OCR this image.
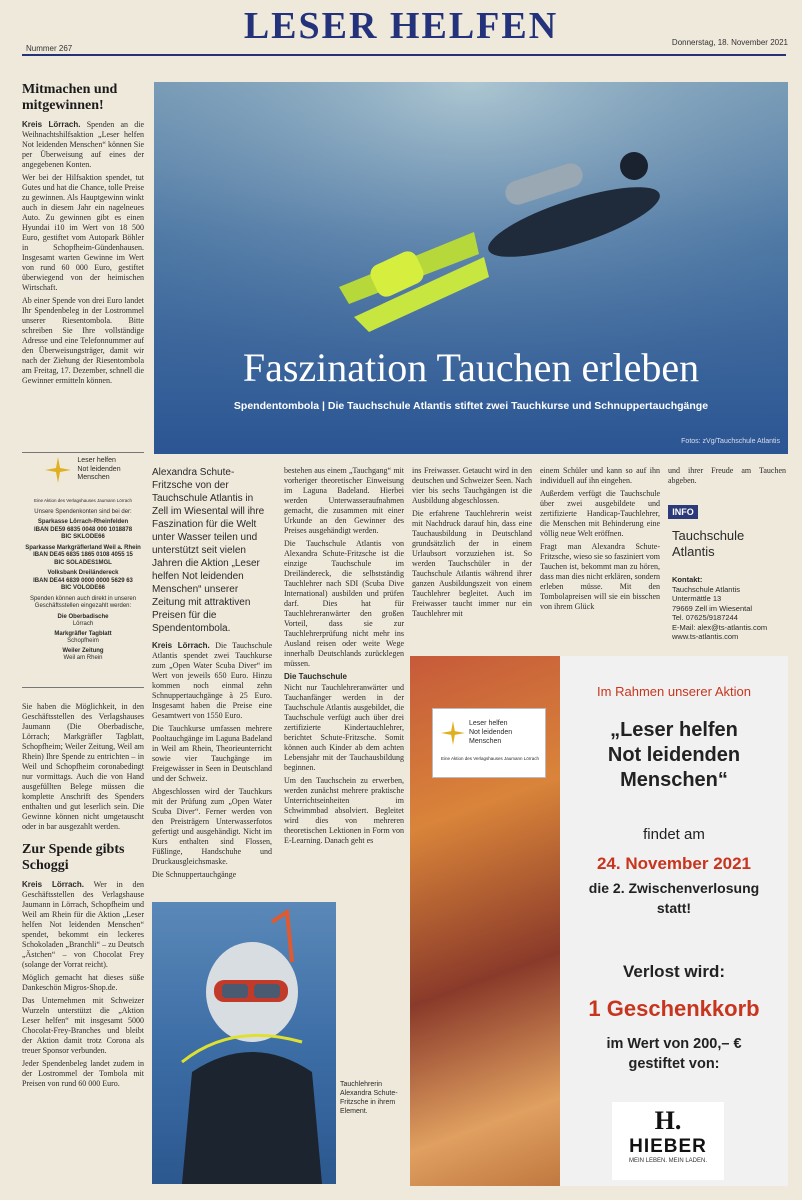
LESER HELFEN
Nummer 267
Donnerstag, 18. November 2021
Mitmachen und mitgewinnen!

Kreis Lörrach. Spenden an die Weihnachtshilfsaktion „Leser helfen Not leidenden Menschen“ können Sie per Überweisung auf eines der angegebenen Konten.

Wer bei der Hilfsaktion spendet, tut Gutes und hat die Chance, tolle Preise zu gewinnen. Als Hauptgewinn winkt auch in diesem Jahr ein nagelneues Auto. Zu gewinnen gibt es einen Hyundai i10 im Wert von 18 500 Euro, gestiftet vom Autopark Böhler in Schopfheim-Gündenhausen. Insgesamt warten Gewinne im Wert von rund 60 000 Euro, gestiftet überwiegend von der heimischen Wirtschaft.

Ab einer Spende von drei Euro landet Ihr Spendenbeleg in der Lostrommel unserer Riesentombola. Bitte schreiben Sie Ihre vollständige Adresse und eine Telefonnummer auf den Überweisungsträger, damit wir nach der Ziehung der Riesentombola am Freitag, 17. Dezember, schnell die Gewinner ermitteln können.

Leser helfen
Not leidenden
Menschen
Eine Aktion des Verlagshauses Jaumann Lörrach
Unsere Spendenkonten sind bei der:
Sparkasse Lörrach-Rheinfelden
IBAN DE59 6835 0048 000 1018878
BIC SKLODE66
Sparkasse Markgräflerland Weil a. Rhein
IBAN DE45 6835 1865 0108 4055 15
BIC SOLADES1MGL
Volksbank Dreiländereck
IBAN DE44 6839 0000 0000 5629 63
BIC VOLODE66
Spenden können auch direkt in unseren Geschäftsstellen eingezahlt werden:
Die Oberbadische
Lörrach
Markgräfler Tagblatt
Schopfheim
Weiler Zeitung
Weil am Rhein

Sie haben die Möglichkeit, in den Geschäftsstellen des Verlagshauses Jaumann (Die Oberbadische, Lörrach; Markgräfler Tagblatt, Schopfheim; Weiler Zeitung, Weil am Rhein) Ihre Spende zu entrichten – in Weil und Schopfheim coronabedingt nur vormittags. Auch die von Hand ausgefüllten Belege müssen die komplette Anschrift des Spenders enthalten und gut leserlich sein. Die Gewinne können nicht umgetauscht oder in bar ausgezahlt werden.

Zur Spende gibts Schoggi

Kreis Lörrach. Wer in den Geschäftsstellen des Verlagshause Jaumann in Lörrach, Schopfheim und Weil am Rhein für die Aktion „Leser helfen Not leidenden Menschen“ spendet, bekommt ein leckeres Schokoladen „Branchli“ – zu Deutsch „Ästchen“ – von Chocolat Frey (solange der Vorrat reicht).

Möglich gemacht hat dieses süße Dankeschön Migros-Shop.de.

Das Unternehmen mit Schweizer Wurzeln unterstützt die „Aktion Leser helfen“ mit insgesamt 5000 Chocolat-Frey-Branches und bleibt der Aktion damit trotz Corona als treuer Sponsor verbunden.

Jeder Spendenbeleg landet zudem in der Lostrommel der Tombola mit Preisen von rund 60 000 Euro.

Faszination Tauchen erleben
Spendentombola | Die Tauchschule Atlantis stiftet zwei Tauchkurse und Schnuppertauchgänge
Fotos: zVg/Tauchschule Atlantis

Alexandra Schute-Fritzsche von der Tauchschule Atlantis in Zell im Wiesental will ihre Faszination für die Welt unter Wasser teilen und unterstützt seit vielen Jahren die Aktion „Leser helfen Not leidenden Menschen“ unserer Zeitung mit attraktiven Preisen für die Spendentombola.

Kreis Lörrach. Die Tauchschule Atlantis spendet zwei Tauchkurse zum „Open Water Scuba Diver“ im Wert von jeweils 650 Euro. Hinzu kommen noch einmal zehn Schnuppertauchgänge à 25 Euro. Insgesamt haben die Preise eine Gesamtwert von 1550 Euro.

Die Tauchkurse umfassen mehrere Pooltauchgänge im Laguna Badeland in Weil am Rhein, Theorieunterricht sowie vier Tauchgänge im Freigewässer in Seen in Deutschland und der Schweiz.

Abgeschlossen wird der Tauchkurs mit der Prüfung zum „Open Water Scuba Diver“. Ferner werden von den Preisträgern Unterwasserfotos gefertigt und ausgehändigt. Nicht im Kurs enthalten sind Flossen, Füßlinge, Handschuhe und Druckausgleichsmaske.

Die Schnuppertauchgänge

bestehen aus einem „Tauchgang“ mit vorheriger theoretischer Einweisung im Laguna Badeland. Hierbei werden Unterwasseraufnahmen gemacht, die zusammen mit einer Urkunde an den Gewinner des Preises ausgehändigt werden.

Die Tauchschule Atlantis von Alexandra Schute-Fritzsche ist die einzige Tauchschule im Dreiländereck, die selbstständig Tauchlehrer nach SDI (Scuba Dive International) ausbilden und prüfen darf. Dies hat für Tauchlehreranwärter den großen Vorteil, dass sie zur Tauchlehrerprüfung nicht mehr ins Ausland reisen oder weite Wege innerhalb Deutschlands zurücklegen müssen.

Die Tauchschule

Nicht nur Tauchlehreranwärter und Tauchanfänger werden in der Tauchschule Atlantis ausgebildet, die Tauchschule verfügt auch über drei zertifizierte Kindertauchlehrer, berichtet Schute-Fritzsche. Somit können auch Kinder ab dem achten Lebensjahr mit der Tauchausbildung beginnen.

Um den Tauchschein zu erwerben, werden zunächst mehrere praktische Unterrichtseinheiten im Schwimmbad absolviert. Begleitet wird dies von mehreren theoretischen Lektionen in Form von E-Learning. Danach geht es

ins Freiwasser. Getaucht wird in den deutschen und Schweizer Seen. Nach vier bis sechs Tauchgängen ist die Ausbildung abgeschlossen.

Die erfahrene Tauchlehrerin weist mit Nachdruck darauf hin, dass eine Tauchausbildung in Deutschland grundsätzlich der in einem Urlaubsort vorzuziehen ist. So werden Tauchschüler in der Tauchschule Atlantis während ihrer ganzen Ausbildungszeit von einem Tauchlehrer begleitet. Auch im Freiwasser taucht immer nur ein Tauchlehrer mit

einem Schüler und kann so auf ihn individuell auf ihn eingehen.

Außerdem verfügt die Tauchschule über zwei ausgebildete und zertifizierte Handicap-Tauchlehrer, die Menschen mit Behinderung eine völlig neue Welt eröffnen.

Fragt man Alexandra Schute-Fritzsche, wieso sie so fasziniert vom Tauchen ist, bekommt man zu hören, dass man dies nicht erklären, sondern erleben müsse. Mit den Tombolapreisen will sie ein bisschen von ihrem Glück

und ihrer Freude am Tauchen abgeben.

INFO
Tauchschule
Atlantis
Kontakt:
Tauchschule Atlantis
Untermättle 13
79669 Zell im Wiesental
Tel. 07625/9187244
E-Mail: alex@ts-atlantis.com
www.ts-atlantis.com
Tauchlehrerin Alexandra Schute-Fritzsche in ihrem Element.
Leser helfen
Not leidenden
Menschen
Eine Aktion des Verlagshauses Jaumann Lörrach
Im Rahmen unserer Aktion
„Leser helfen
Not leidenden
Menschen“
findet am
24. November 2021
die 2. Zwischenverlosung
statt!
Verlost wird:
1 Geschenkkorb
im Wert von 200,– €
gestiftet von:
H.
HIEBER
MEIN LEBEN. MEIN LADEN.
